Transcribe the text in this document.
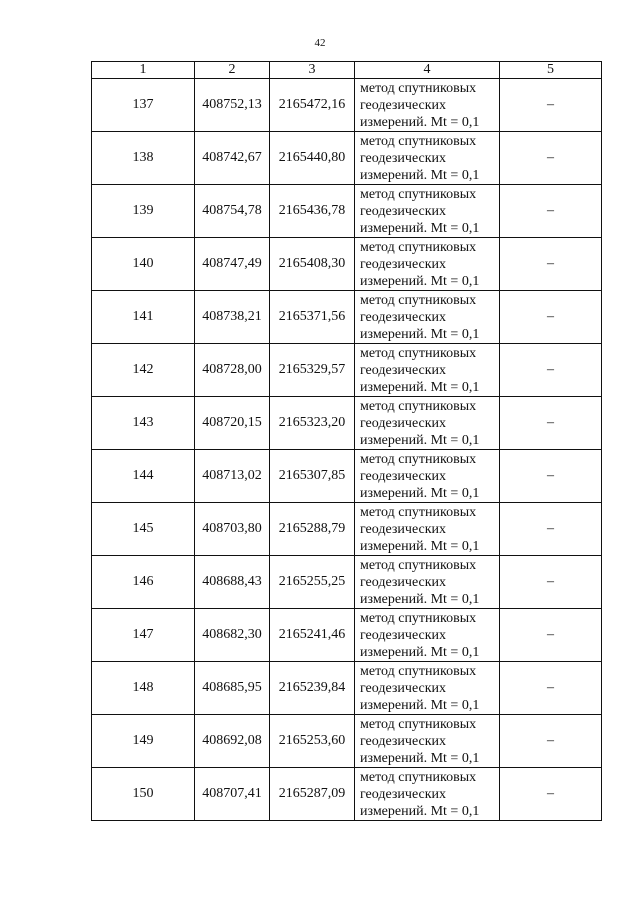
42
1	2	3	4	5
137	408752,13	2165472,16	метод спутниковых
геодезических
измерений. Mt = 0,1	–
138	408742,67	2165440,80	метод спутниковых
геодезических
измерений. Mt = 0,1	–
139	408754,78	2165436,78	метод спутниковых
геодезических
измерений. Mt = 0,1	–
140	408747,49	2165408,30	метод спутниковых
геодезических
измерений. Mt = 0,1	–
141	408738,21	2165371,56	метод спутниковых
геодезических
измерений. Mt = 0,1	–
142	408728,00	2165329,57	метод спутниковых
геодезических
измерений. Mt = 0,1	–
143	408720,15	2165323,20	метод спутниковых
геодезических
измерений. Mt = 0,1	–
144	408713,02	2165307,85	метод спутниковых
геодезических
измерений. Mt = 0,1	–
145	408703,80	2165288,79	метод спутниковых
геодезических
измерений. Mt = 0,1	–
146	408688,43	2165255,25	метод спутниковых
геодезических
измерений. Mt = 0,1	–
147	408682,30	2165241,46	метод спутниковых
геодезических
измерений. Mt = 0,1	–
148	408685,95	2165239,84	метод спутниковых
геодезических
измерений. Mt = 0,1	–
149	408692,08	2165253,60	метод спутниковых
геодезических
измерений. Mt = 0,1	–
150	408707,41	2165287,09	метод спутниковых
геодезических
измерений. Mt = 0,1	–
